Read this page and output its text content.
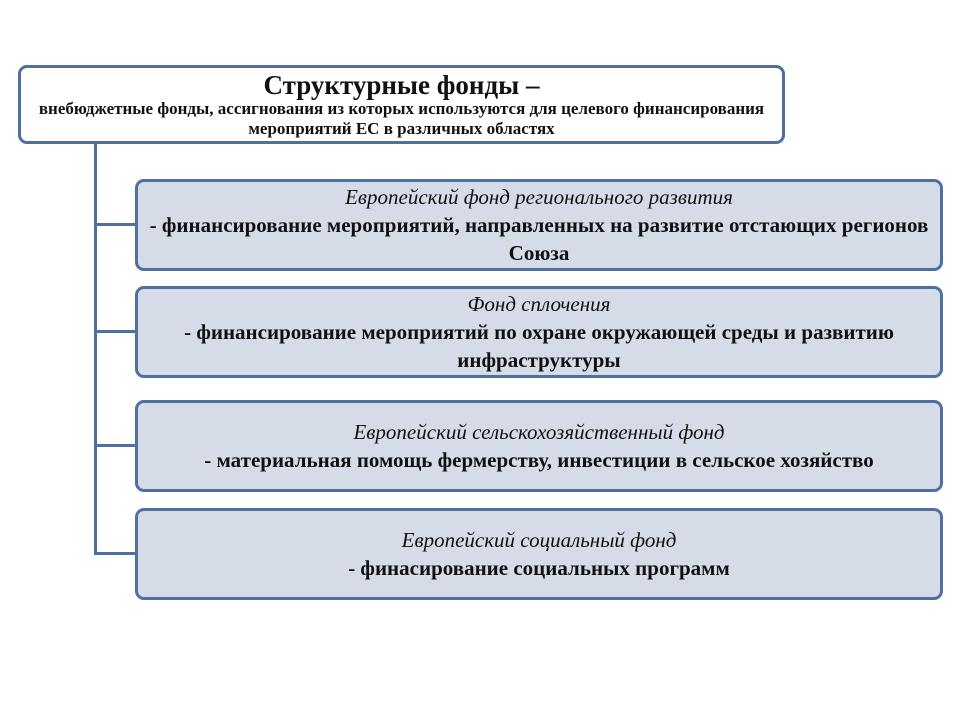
Структурные фонды –
внебюджетные фонды, ассигнования из которых используются для целевого финансирования мероприятий ЕС в различных областях
Европейский фонд регионального развития
- финансирование мероприятий, направленных на развитие отстающих регионов Союза
Фонд сплочения
- финансирование мероприятий по охране окружающей среды и развитию инфраструктуры
Европейский сельскохозяйственный фонд
- материальная помощь фермерству, инвестиции в сельское хозяйство
Европейский социальный фонд
- финасирование социальных программ
